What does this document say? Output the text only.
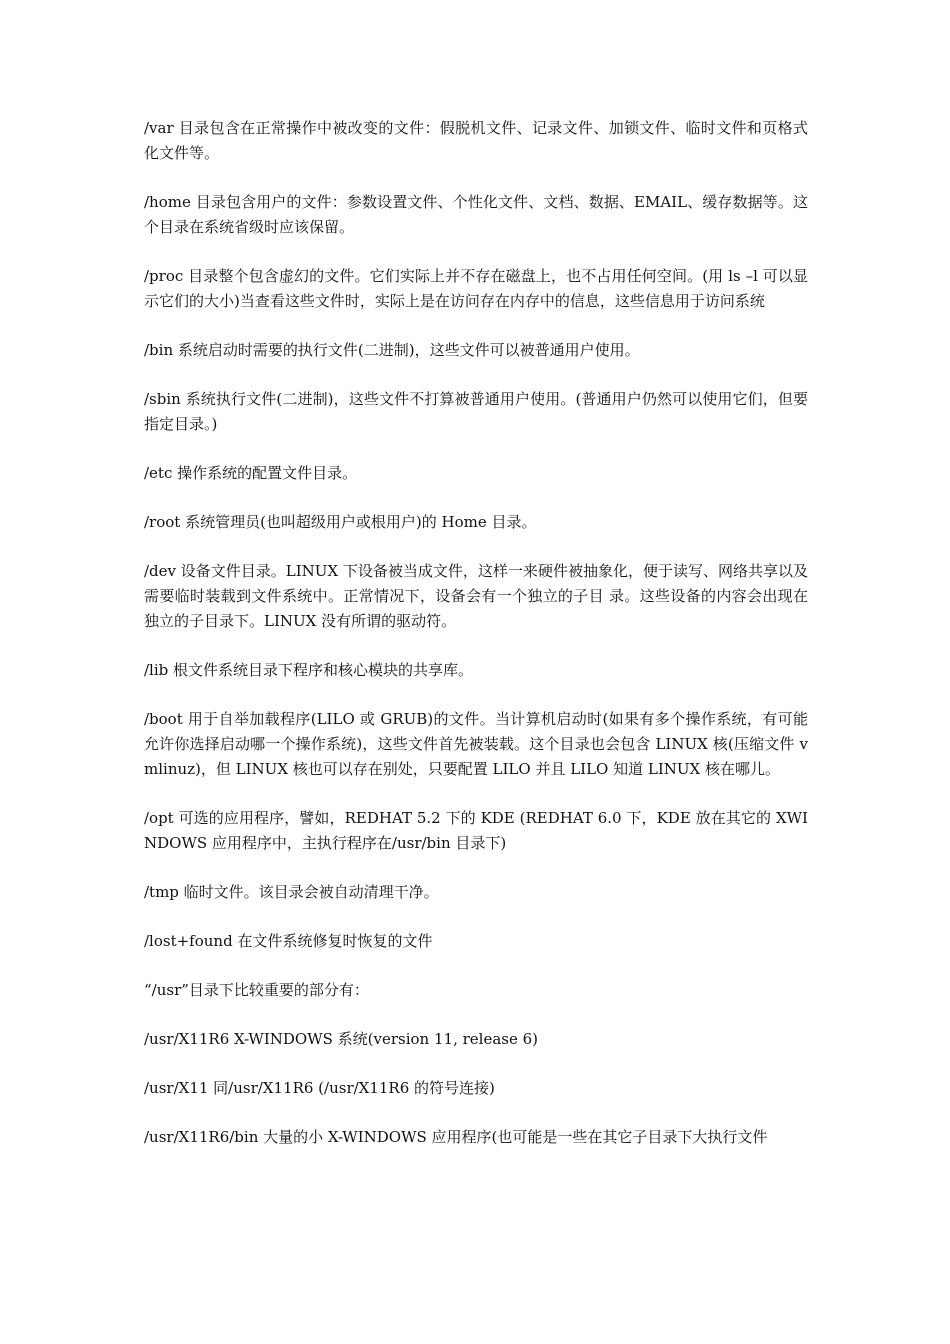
/var 目录包含在正常操作中被改变的文件：假脱机文件、记录文件、加锁文件、临时文件和页格式化文件等。

/home 目录包含用户的文件：参数设置文件、个性化文件、文档、数据、EMAIL、缓存数据等。这个目录在系统省级时应该保留。

/proc 目录整个包含虚幻的文件。它们实际上并不存在磁盘上，也不占用任何空间。(用 ls –l 可以显示它们的大小)当查看这些文件时，实际上是在访问存在内存中的信息，这些信息用于访问系统

/bin 系统启动时需要的执行文件(二进制)，这些文件可以被普通用户使用。

/sbin 系统执行文件(二进制)，这些文件不打算被普通用户使用。(普通用户仍然可以使用它们，但要指定目录。)

/etc 操作系统的配置文件目录。

/root 系统管理员(也叫超级用户或根用户)的 Home 目录。

/dev 设备文件目录。LINUX 下设备被当成文件，这样一来硬件被抽象化，便于读写、网络共享以及需要临时装载到文件系统中。正常情况下，设备会有一个独立的子目 录。这些设备的内容会出现在独立的子目录下。LINUX 没有所谓的驱动符。

/lib 根文件系统目录下程序和核心模块的共享库。

/boot 用于自举加载程序(LILO 或 GRUB)的文件。当计算机启动时(如果有多个操作系统，有可能允许你选择启动哪一个操作系统)，这些文件首先被装载。这个目录也会包含 LINUX 核(压缩文件 vmlinuz)，但 LINUX 核也可以存在别处，只要配置 LILO 并且 LILO 知道 LINUX 核在哪儿。

/opt 可选的应用程序，譬如，REDHAT 5.2 下的 KDE (REDHAT 6.0 下，KDE 放在其它的 XWINDOWS 应用程序中，主执行程序在/usr/bin 目录下)

/tmp 临时文件。该目录会被自动清理干净。

/lost+found 在文件系统修复时恢复的文件

“/usr”目录下比较重要的部分有：

/usr/X11R6 X-WINDOWS 系统(version 11, release 6)

/usr/X11 同/usr/X11R6 (/usr/X11R6 的符号连接)

/usr/X11R6/bin 大量的小 X-WINDOWS 应用程序(也可能是一些在其它子目录下大执行文件
